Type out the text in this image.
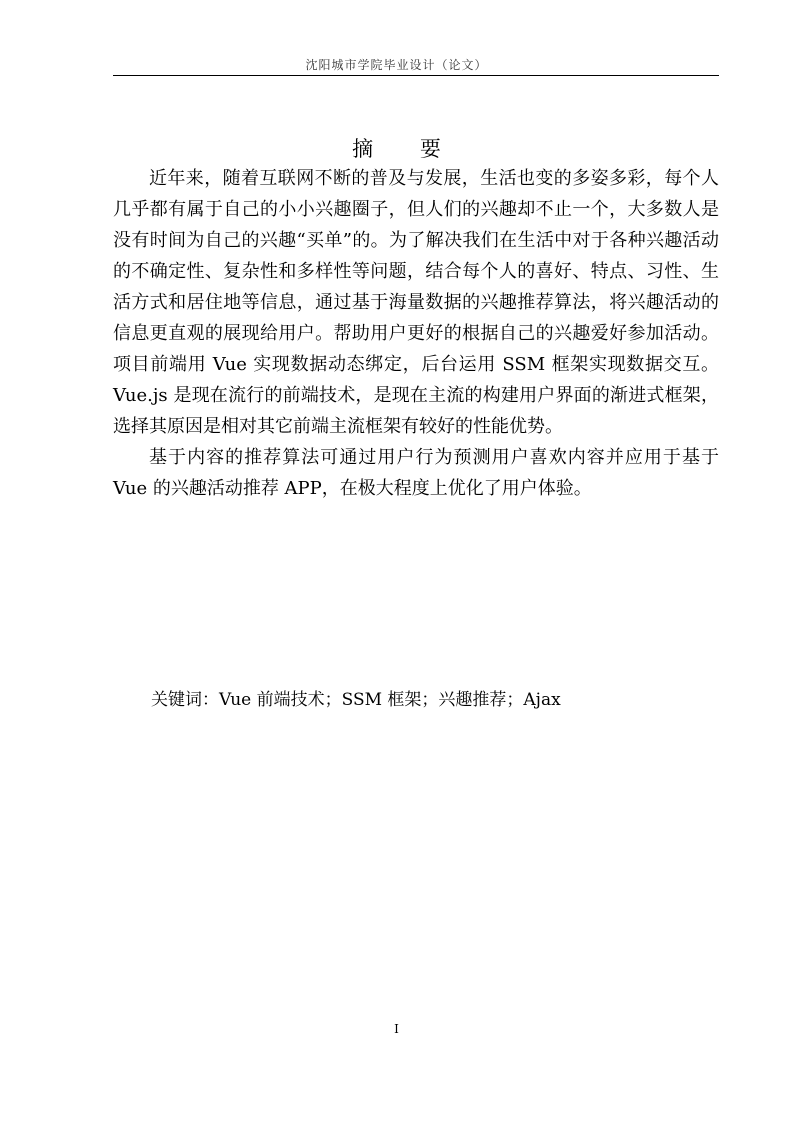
沈阳城市学院毕业设计（论文）
摘 要

近年来，随着互联网不断的普及与发展，生活也变的多姿多彩，每个人几乎都有属于自己的小小兴趣圈子，但人们的兴趣却不止一个，大多数人是没有时间为自己的兴趣“买单”的。为了解决我们在生活中对于各种兴趣活动的不确定性、复杂性和多样性等问题，结合每个人的喜好、特点、习性、生活方式和居住地等信息，通过基于海量数据的兴趣推荐算法，将兴趣活动的信息更直观的展现给用户。帮助用户更好的根据自己的兴趣爱好参加活动。项目前端用 Vue 实现数据动态绑定，后台运用 SSM 框架实现数据交互。Vue.js 是现在流行的前端技术，是现在主流的构建用户界面的渐进式框架，选择其原因是相对其它前端主流框架有较好的性能优势。

基于内容的推荐算法可通过用户行为预测用户喜欢内容并应用于基于 Vue 的兴趣活动推荐 APP，在极大程度上优化了用户体验。

关键词：Vue 前端技术；SSM 框架；兴趣推荐；Ajax
I
